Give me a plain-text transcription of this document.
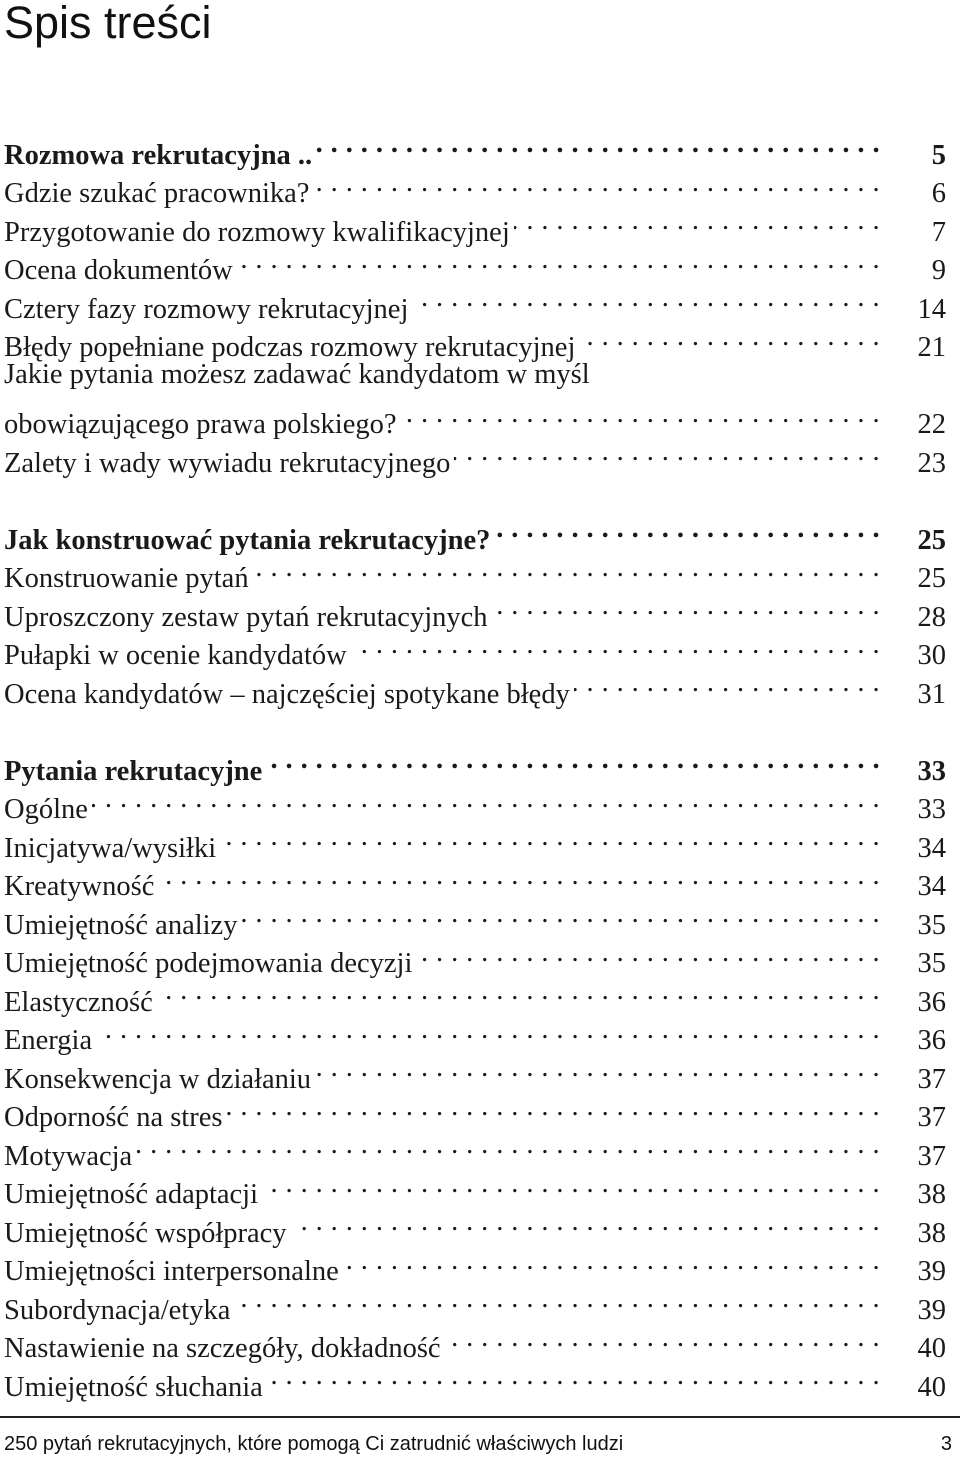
Spis treści
Rozmowa rekrutacyjna .. . . .	5
Gdzie szukać pracownika? . . .	6
Przygotowanie do rozmowy kwalifikacyjnej . . .	7
Ocena dokumentów . . .	9
Cztery fazy rozmowy rekrutacyjnej . . .	14
Błędy popełniane podczas rozmowy rekrutacyjnej . . .	21
Jakie pytania możesz zadawać kandydatom w myśl
obowiązującego prawa polskiego? . . .	22
Zalety i wady wywiadu rekrutacyjnego . . .	23
Jak konstruować pytania rekrutacyjne? . . .	25
Konstruowanie pytań . . .	25
Uproszczony zestaw pytań rekrutacyjnych . . .	28
Pułapki w ocenie kandydatów . . .	30
Ocena kandydatów – najczęściej spotykane błędy . . .	31
Pytania rekrutacyjne . . .	33
Ogólne . . .	33
Inicjatywa/wysiłki . . .	34
Kreatywność . . .	34
Umiejętność analizy . . .	35
Umiejętność podejmowania decyzji . . .	35
Elastyczność . . .	36
Energia . . .	36
Konsekwencja w działaniu . . .	37
Odporność na stres . . .	37
Motywacja . . .	37
Umiejętność adaptacji . . .	38
Umiejętność współpracy . . .	38
Umiejętności interpersonalne . . .	39
Subordynacja/etyka . . .	39
Nastawienie na szczegóły, dokładność . . .	40
Umiejętność słuchania . . .	40
250 pytań rekrutacyjnych, które pomogą Ci zatrudnić właściwych ludzi	3
